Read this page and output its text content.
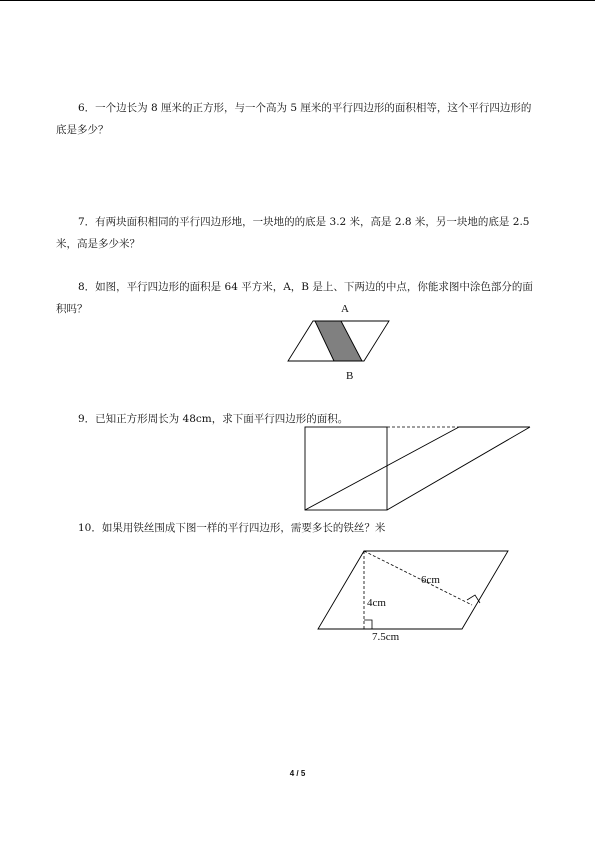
6．一个边长为 8 厘米的正方形，与一个高为 5 厘米的平行四边形的面积相等，这个平行四边形的底是多少？

7．有两块面积相同的平行四边形地，一块地的的底是 3.2 米，高是 2.8 米，另一块地的底是 2.5 米，高是多少米？

8．如图，平行四边形的面积是 64 平方米，A，B 是上、下两边的中点，你能求图中涂色部分的面积吗？

9．已知正方形周长为 48cm，求下面平行四边形的面积。

10．如果用铁丝围成下图一样的平行四边形，需要多长的铁丝？米

A
B
6cm
4cm
7.5cm
4 / 5
